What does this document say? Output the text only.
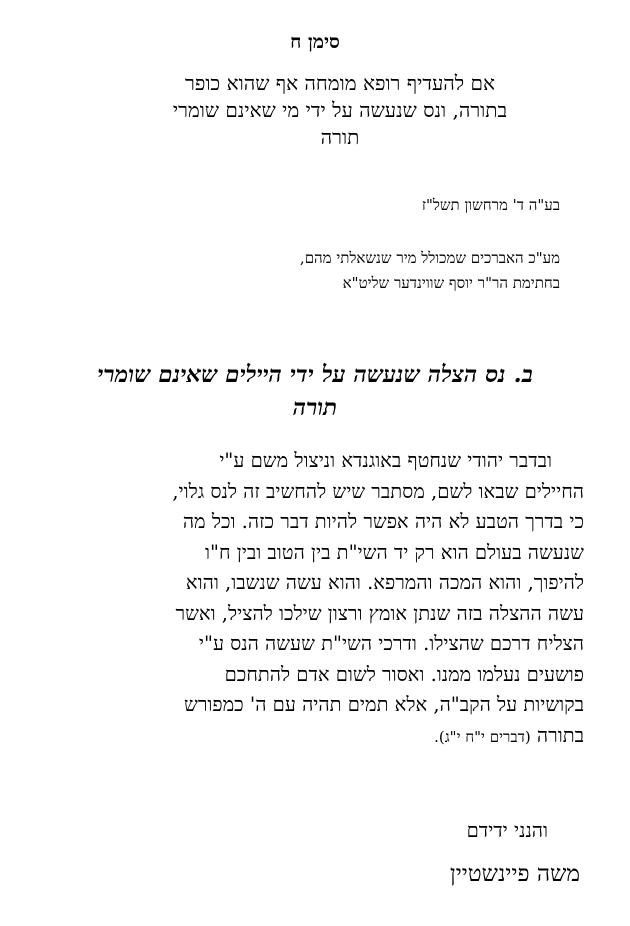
סימן ח
אם להעדיף רופא מומחה אף שהוא כופר
בתורה, ונס שנעשה על ידי מי שאינם שומרי
תורה
בע"ה ד' מרחשון תשל"ז
מע"כ האברכים שמכולל מיר שנשאלתי מהם,
בחתימת הר"ר יוסף שווינדער שליט"א
ב. נס הצלה שנעשה על ידי היילים שאינם שומרי
תורה
ובדבר יהודי שנחטף באוגנדא וניצול משם ע"י
החיילים שבאו לשם, מסתבר שיש להחשיב זה לנס גלוי,
כי בדרך הטבע לא היה אפשר להיות דבר כזה. וכל מה
שנעשה בעולם הוא רק יד השי"ת בין הטוב ובין ח"ו
להיפוך, והוא המכה והמרפא. והוא עשה שנשבו, והוא
עשה ההצלה בזה שנתן אומץ ורצון שילכו להציל, ואשר
הצליח דרכם שהצילו. ודרכי השי"ת שעשה הנס ע"י
פושעים נעלמו ממנו. ואסור לשום אדם להתחכם
בקושיות על הקב"ה, אלא תמים תהיה עם ה' כמפורש
בתורה (דברים י"ח י"ג).
והנני ידידם
משה פיינשטיין
